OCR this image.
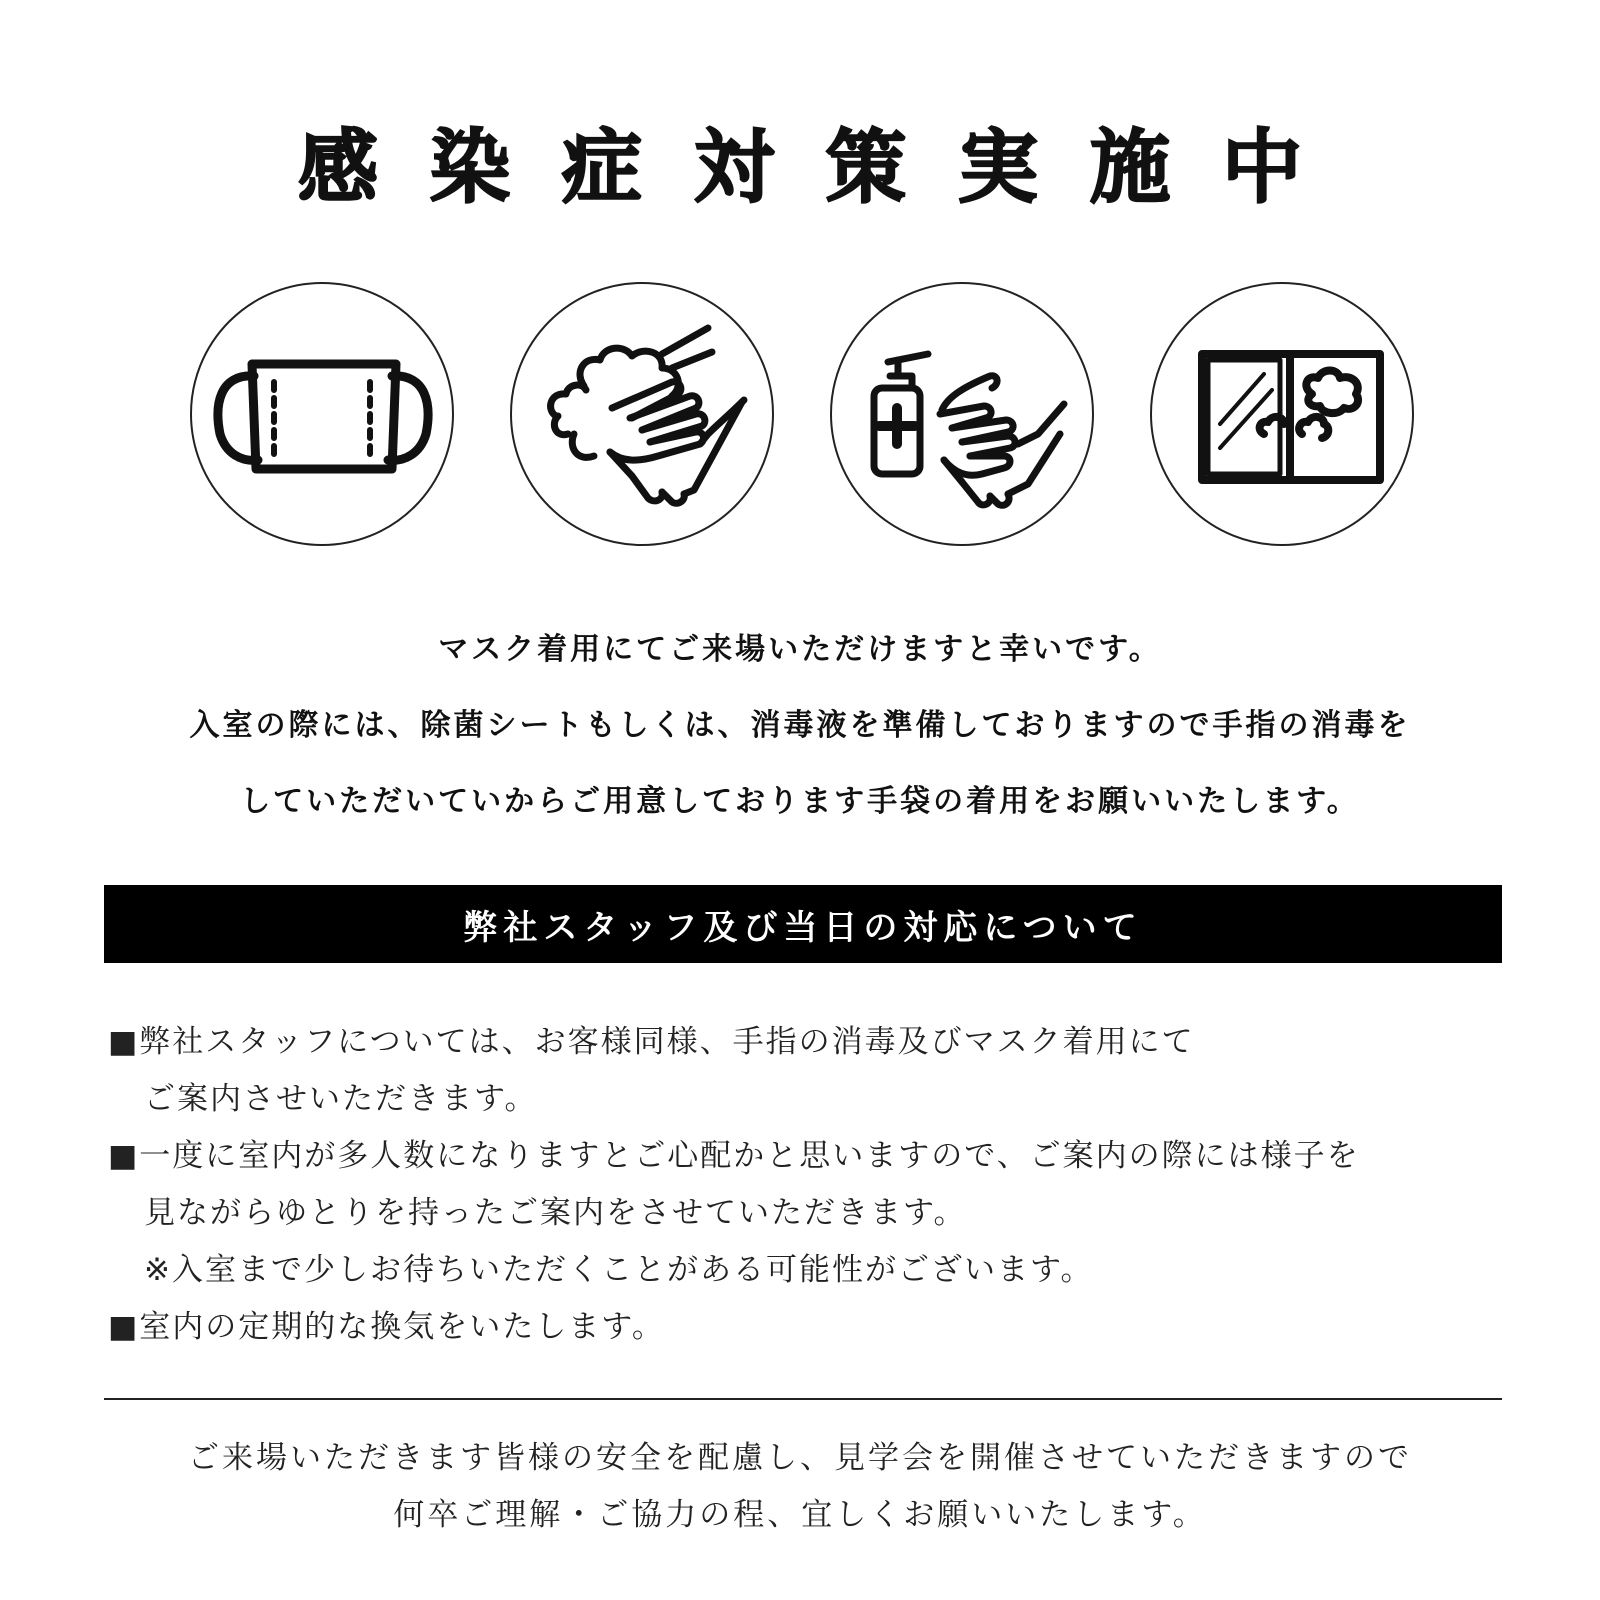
感 染 症 対 策 実 施 中
マスク着用にてご来場いただけますと幸いです。
入室の際には、除菌シートもしくは、消毒液を準備しておりますので手指の消毒を
していただいていからご用意しております手袋の着用をお願いいたします。
弊社スタッフ及び当日の対応について
■弊社スタッフについては、お客様同様、手指の消毒及びマスク着用にて
ご案内させいただきます。
■一度に室内が多人数になりますとご心配かと思いますので、ご案内の際には様子を
見ながらゆとりを持ったご案内をさせていただきます。
※入室まで少しお待ちいただくことがある可能性がございます。
■室内の定期的な換気をいたします。
ご来場いただきます皆様の安全を配慮し、見学会を開催させていただきますので
何卒ご理解・ご協力の程、宜しくお願いいたします。
